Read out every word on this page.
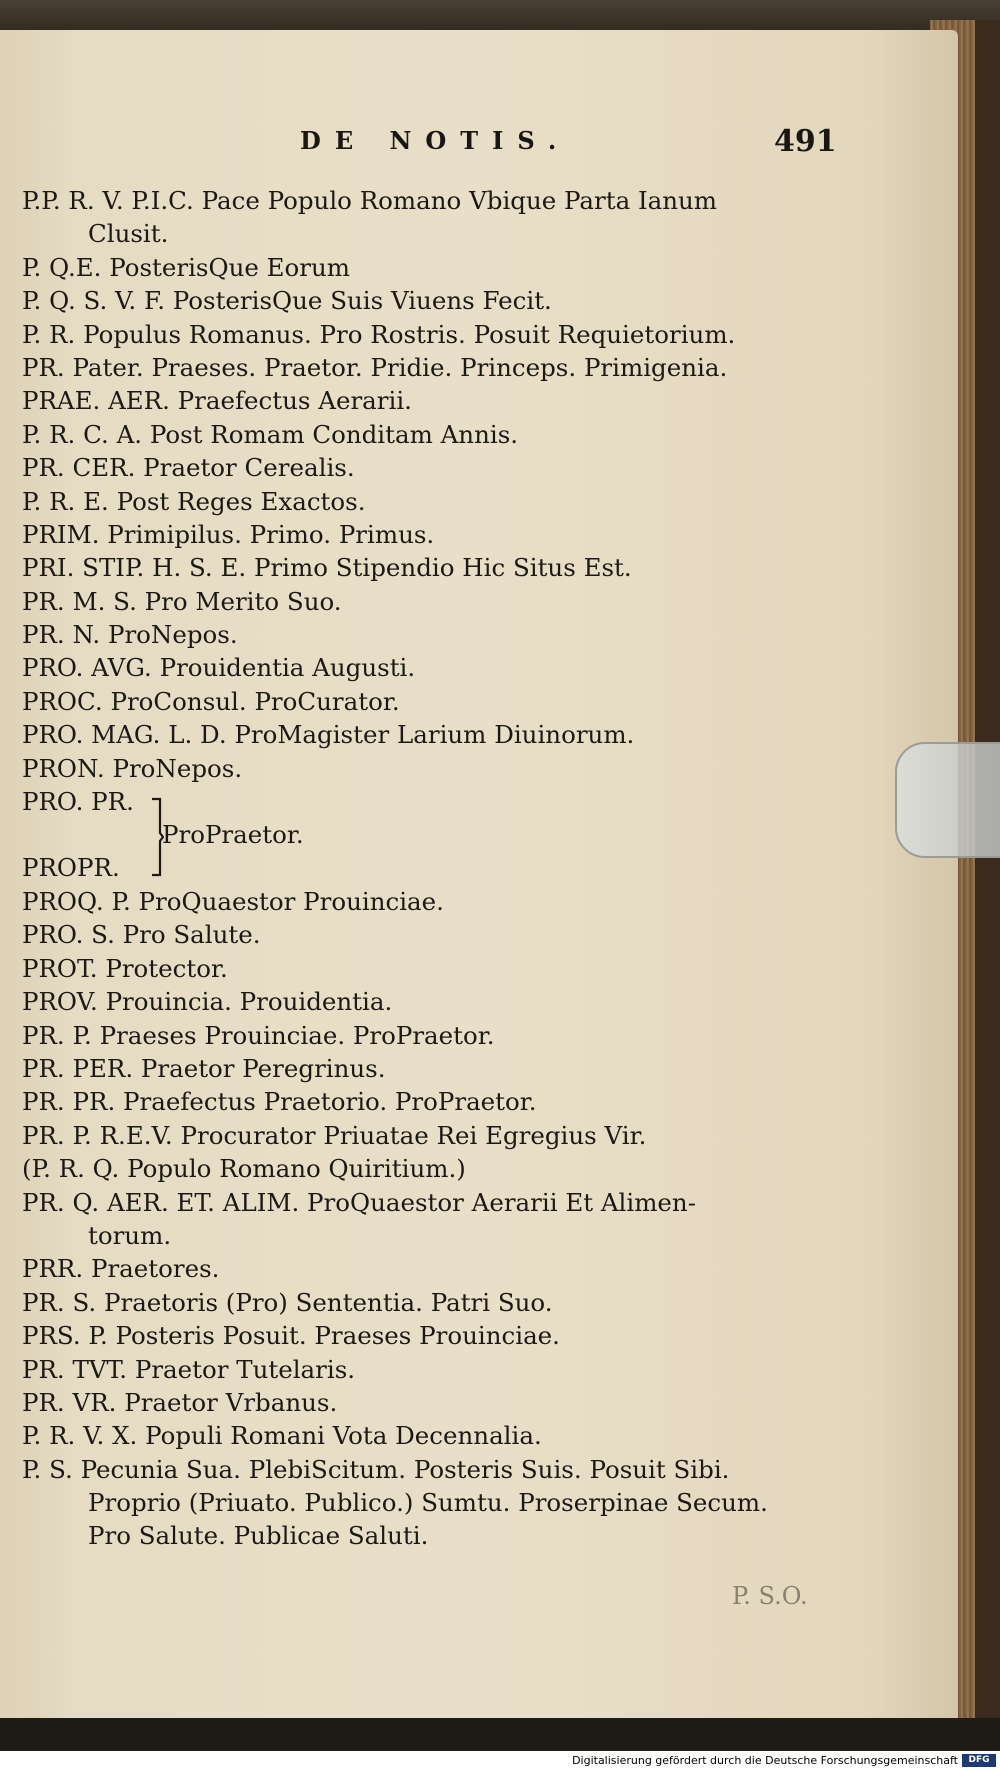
DE NOTIS.	491
P.P. R. V. P.I.C. Pace Populo Romano Vbique Parta Ianum
Clusit.
P. Q.E. PosterisQue Eorum
P. Q. S. V. F. PosterisQue Suis Viuens Fecit.
P. R. Populus Romanus. Pro Rostris. Posuit Requietorium.
PR. Pater. Praeses. Praetor. Pridie. Princeps. Primigenia.
PRAE. AER. Praefectus Aerarii.
P. R. C. A. Post Romam Conditam Annis.
PR. CER. Praetor Cerealis.
P. R. E. Post Reges Exactos.
PRIM. Primipilus. Primo. Primus.
PRI. STIP. H. S. E. Primo Stipendio Hic Situs Est.
PR. M. S. Pro Merito Suo.
PR. N. ProNepos.
PRO. AVG. Prouidentia Augusti.
PROC. ProConsul. ProCurator.
PRO. MAG. L. D. ProMagister Larium Diuinorum.
PRON. ProNepos.
PRO. PR.
ProPraetor.
PROPR.
PROQ. P. ProQuaestor Prouinciae.
PRO. S. Pro Salute.
PROT. Protector.
PROV. Prouincia. Prouidentia.
PR. P. Praeses Prouinciae. ProPraetor.
PR. PER. Praetor Peregrinus.
PR. PR. Praefectus Praetorio. ProPraetor.
PR. P. R.E.V. Procurator Priuatae Rei Egregius Vir.
(P. R. Q. Populo Romano Quiritium.)
PR. Q. AER. ET. ALIM. ProQuaestor Aerarii Et Alimen-
torum.
PRR. Praetores.
PR. S. Praetoris (Pro) Sententia. Patri Suo.
PRS. P. Posteris Posuit. Praeses Prouinciae.
PR. TVT. Praetor Tutelaris.
PR. VR. Praetor Vrbanus.
P. R. V. X. Populi Romani Vota Decennalia.
P. S. Pecunia Sua. PlebiScitum. Posteris Suis. Posuit Sibi.
Proprio (Priuato. Publico.) Sumtu. Proserpinae Secum.
Pro Salute. Publicae Saluti.
P. S.O.
Digitalisierung gefördert durch die Deutsche Forschungsgemeinschaft	DFG
